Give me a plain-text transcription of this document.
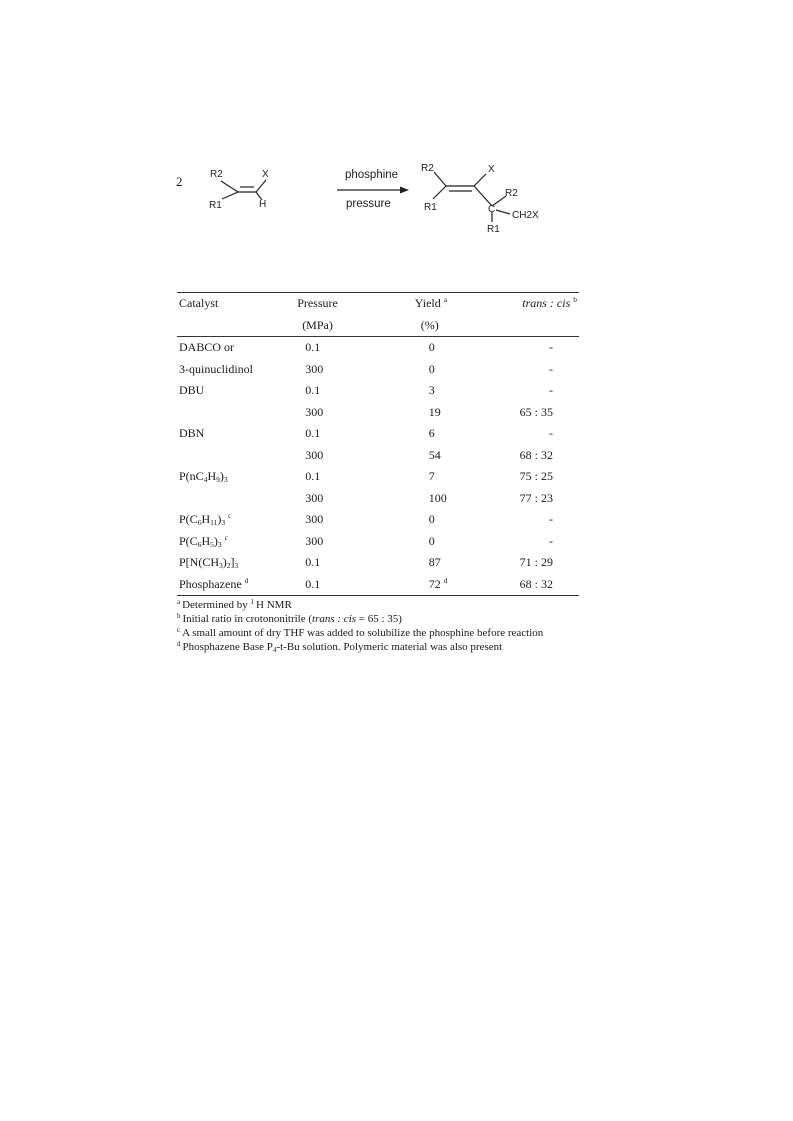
2	R2	X
R1	H
phosphine
pressure
R2	X
R1
R2
C
CH2X
R1
Catalyst	Pressure	Yield $^a$	trans : cis $^b$
	(MPa)	(%)	
DABCO or	0.1	0	-
3-quinuclidinol	300	0	-
DBU	0.1	3	-
	300	19	65 : 35
DBN	0.1	6	-
	300	54	68 : 32
$P(nC_4H_9)_3$	0.1	7	75 : 25
	300	100	77 : 23
$P(C_6H_{11})_3$ $^c$	300	0	-
$P(C_6H_5)_3$ $^c$	300	0	-
$P[N(CH_3)_2]_3$	0.1	87	71 : 29
Phosphazene $^d$	0.1	72 $^d$	68 : 32
$^a$ Determined by $^1$ H NMR
$^b$ Initial ratio in crotononitrile (trans : cis = 65 : 35)
$^c$ A small amount of dry THF was added to solubilize the phosphine before reaction
$^d$ Phosphazene Base $P_4-t-Bu$ solution. Polymeric material was also present
